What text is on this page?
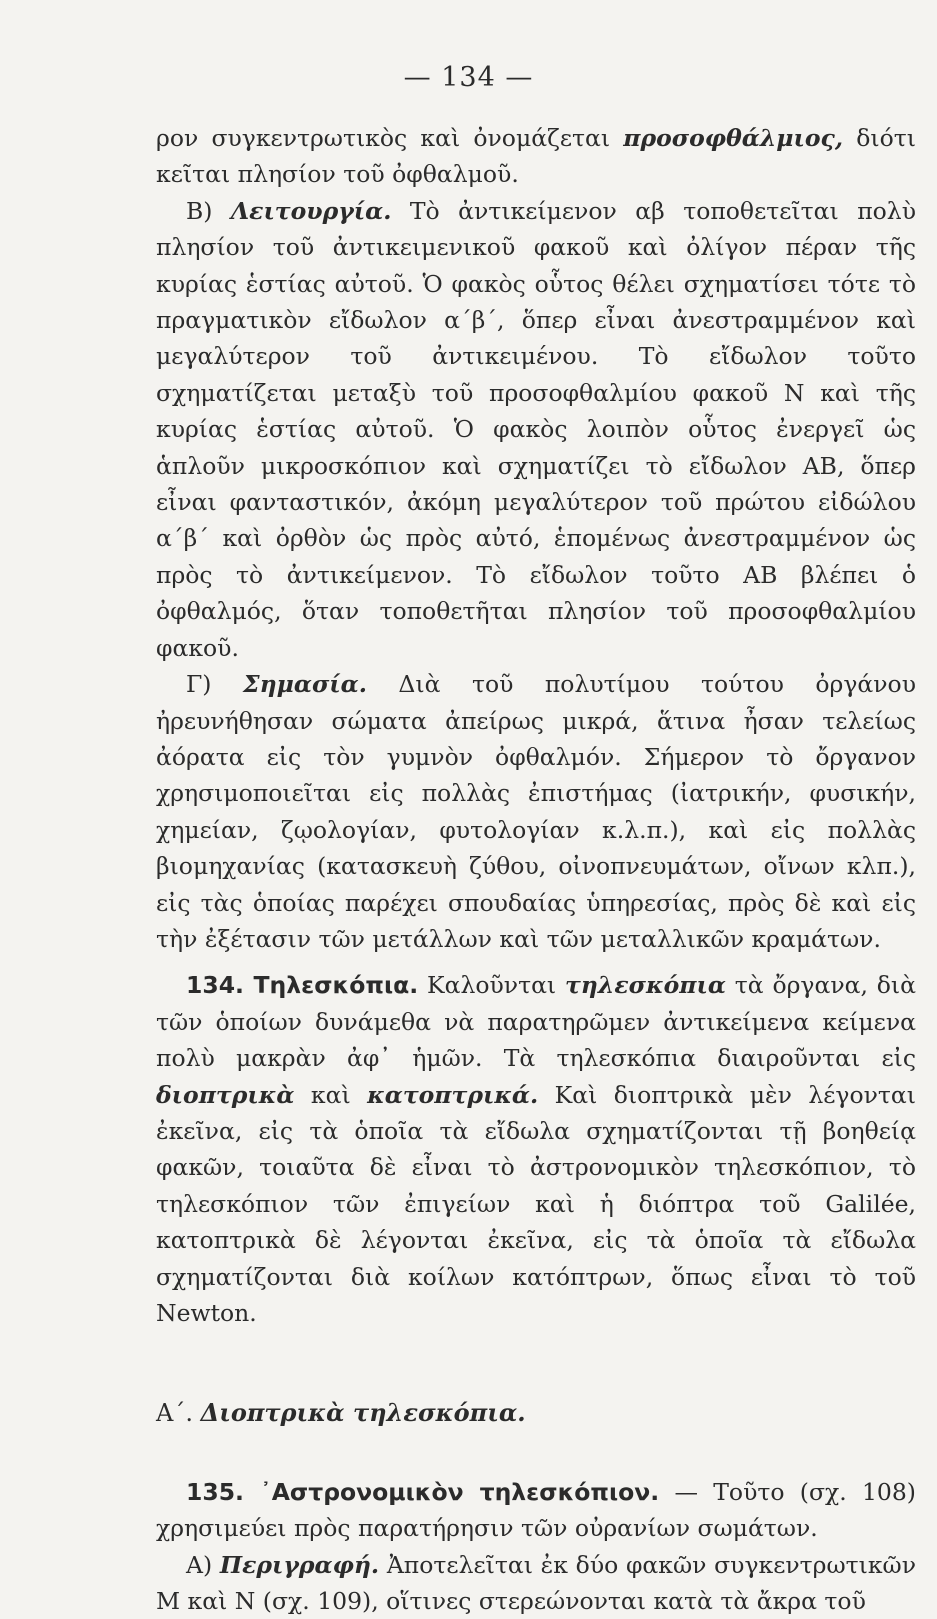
— 134 —

ρον συγκεντρωτικὸς καὶ ὀνομάζεται προσοφθάλμιος, διότι κεῖται πλησίον τοῦ ὀφθαλμοῦ.

Β) Λειτουργία. Τὸ ἀντικείμενον αβ τοποθετεῖται πολὺ πλησίον τοῦ ἀντικειμενικοῦ φακοῦ καὶ ὀλίγον πέραν τῆς κυρίας ἑστίας αὐτοῦ. Ὁ φακὸς οὗτος θέλει σχηματίσει τότε τὸ πραγματικὸν εἴδωλον α΄β΄, ὅπερ εἶναι ἀνεστραμμένον καὶ μεγαλύτερον τοῦ ἀντικειμένου. Τὸ εἴδωλον τοῦτο σχηματίζεται μεταξὺ τοῦ προσοφθαλμίου φακοῦ Ν καὶ τῆς κυρίας ἑστίας αὐτοῦ. Ὁ φακὸς λοιπὸν οὗτος ἐνεργεῖ ὡς ἁπλοῦν μικροσκόπιον καὶ σχηματίζει τὸ εἴδωλον ΑΒ, ὅπερ εἶναι φανταστικόν, ἀκόμη μεγαλύτερον τοῦ πρώτου εἰδώλου α΄β΄ καὶ ὀρθὸν ὡς πρὸς αὐτό, ἑπομένως ἀνεστραμμένον ὡς πρὸς τὸ ἀντικείμενον. Τὸ εἴδωλον τοῦτο ΑΒ βλέπει ὁ ὀφθαλμός, ὅταν τοποθετῆται πλησίον τοῦ προσοφθαλμίου φακοῦ.

Γ) Σημασία. Διὰ τοῦ πολυτίμου τούτου ὀργάνου ἠρευνήθησαν σώματα ἀπείρως μικρά, ἅτινα ἦσαν τελείως ἀόρατα εἰς τὸν γυμνὸν ὀφθαλμόν. Σήμερον τὸ ὄργανον χρησιμοποιεῖται εἰς πολλὰς ἐπιστήμας (ἰατρικήν, φυσικήν, χημείαν, ζῳολογίαν, φυτολογίαν κ.λ.π.), καὶ εἰς πολλὰς βιομηχανίας (κατασκευὴ ζύθου, οἰνοπνευμάτων, οἴνων κλπ.), εἰς τὰς ὁποίας παρέχει σπουδαίας ὑπηρεσίας, πρὸς δὲ καὶ εἰς τὴν ἐξέτασιν τῶν μετάλλων καὶ τῶν μεταλλικῶν κραμάτων.

134. Τηλεσκόπια. Καλοῦνται τηλεσκόπια τὰ ὄργανα, διὰ τῶν ὁποίων δυνάμεθα νὰ παρατηρῶμεν ἀντικείμενα κείμενα πολὺ μακρὰν ἀφ᾿ ἡμῶν. Τὰ τηλεσκόπια διαιροῦνται εἰς διοπτρικὰ καὶ κατοπτρικά. Καὶ διοπτρικὰ μὲν λέγονται ἐκεῖνα, εἰς τὰ ὁποῖα τὰ εἴδωλα σχηματίζονται τῇ βοηθείᾳ φακῶν, τοιαῦτα δὲ εἶναι τὸ ἀστρονομικὸν τηλεσκόπιον, τὸ τηλεσκόπιον τῶν ἐπιγείων καὶ ἡ διόπτρα τοῦ Galilée, κατοπτρικὰ δὲ λέγονται ἐκεῖνα, εἰς τὰ ὁποῖα τὰ εἴδωλα σχηματίζονται διὰ κοίλων κατόπτρων, ὅπως εἶναι τὸ τοῦ Newton.

Α΄. Διοπτρικὰ τηλεσκόπια.

135. ᾿Αστρονομικὸν τηλεσκόπιον. — Τοῦτο (σχ. 108) χρησιμεύει πρὸς παρατήρησιν τῶν οὐρανίων σωμάτων.

Α) Περιγραφή. Ἀποτελεῖται ἐκ δύο φακῶν συγκεντρωτικῶν Μ καὶ Ν (σχ. 109), οἵτινες στερεώνονται κατὰ τὰ ἄκρα τοῦ
